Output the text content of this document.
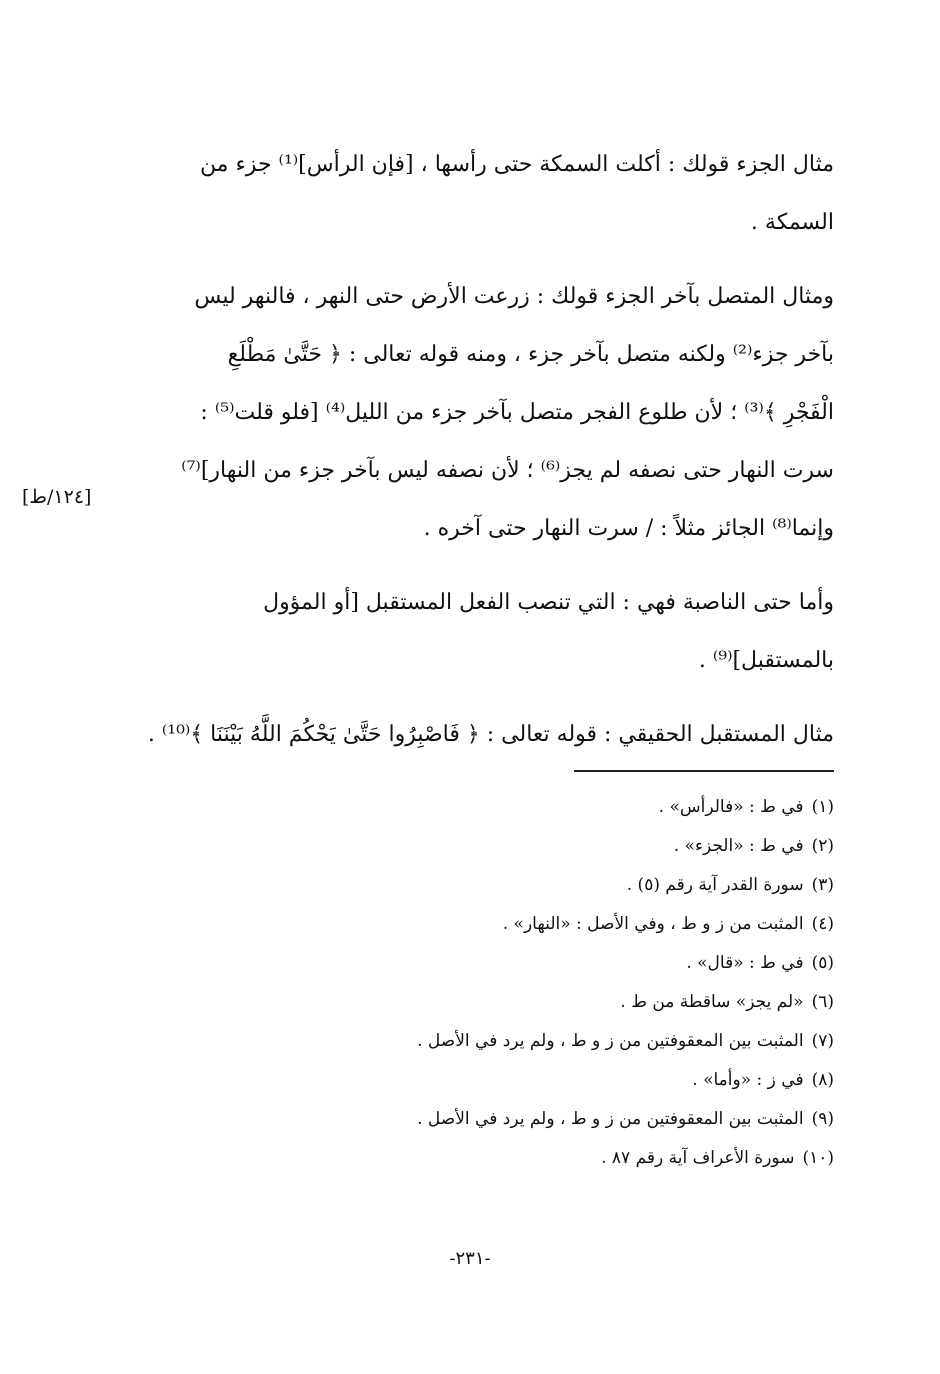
مثال الجزء قولك : أكلت السمكة حتى رأسها ، [فإن الرأس]⁽¹⁾ جزء من
السمكة .

ومثال المتصل بآخر الجزء قولك : زرعت الأرض حتى النهر ، فالنهر ليس
بآخر جزء⁽²⁾ ولكنه متصل بآخر جزء ، ومنه قوله تعالى : ﴿ حَتَّىٰ مَطْلَعِ
الْفَجْرِ ﴾⁽³⁾ ؛ لأن طلوع الفجر متصل بآخر جزء من الليل⁽⁴⁾ [فلو قلت⁽⁵⁾ :
سرت النهار حتى نصفه لم يجز⁽⁶⁾ ؛ لأن نصفه ليس بآخر جزء من النهار]⁽⁷⁾
وإنما⁽⁸⁾ الجائز مثلاً : / سرت النهار حتى آخره .

وأما حتى الناصبة فهي : التي تنصب الفعل المستقبل [أو المؤول
بالمستقبل]⁽⁹⁾ .

مثال المستقبل الحقيقي : قوله تعالى : ﴿ فَاصْبِرُوا حَتَّىٰ يَحْكُمَ اللَّهُ بَيْنَنَا ﴾⁽¹⁰⁾ .

[١٢٤/ط]
(١)في ط : «فالرأس» .
(٢)في ط : «الجزء» .
(٣)سورة القدر آية رقم (٥) .
(٤)المثبت من ز و ط ، وفي الأصل : «النهار» .
(٥)في ط : «قال» .
(٦)«لم يجز» ساقطة من ط .
(٧)المثبت بين المعقوفتين من ز و ط ، ولم يرد في الأصل .
(٨)في ز : «وأما» .
(٩)المثبت بين المعقوفتين من ز و ط ، ولم يرد في الأصل .
(١٠)سورة الأعراف آية رقم ٨٧ .
-٢٣١-
